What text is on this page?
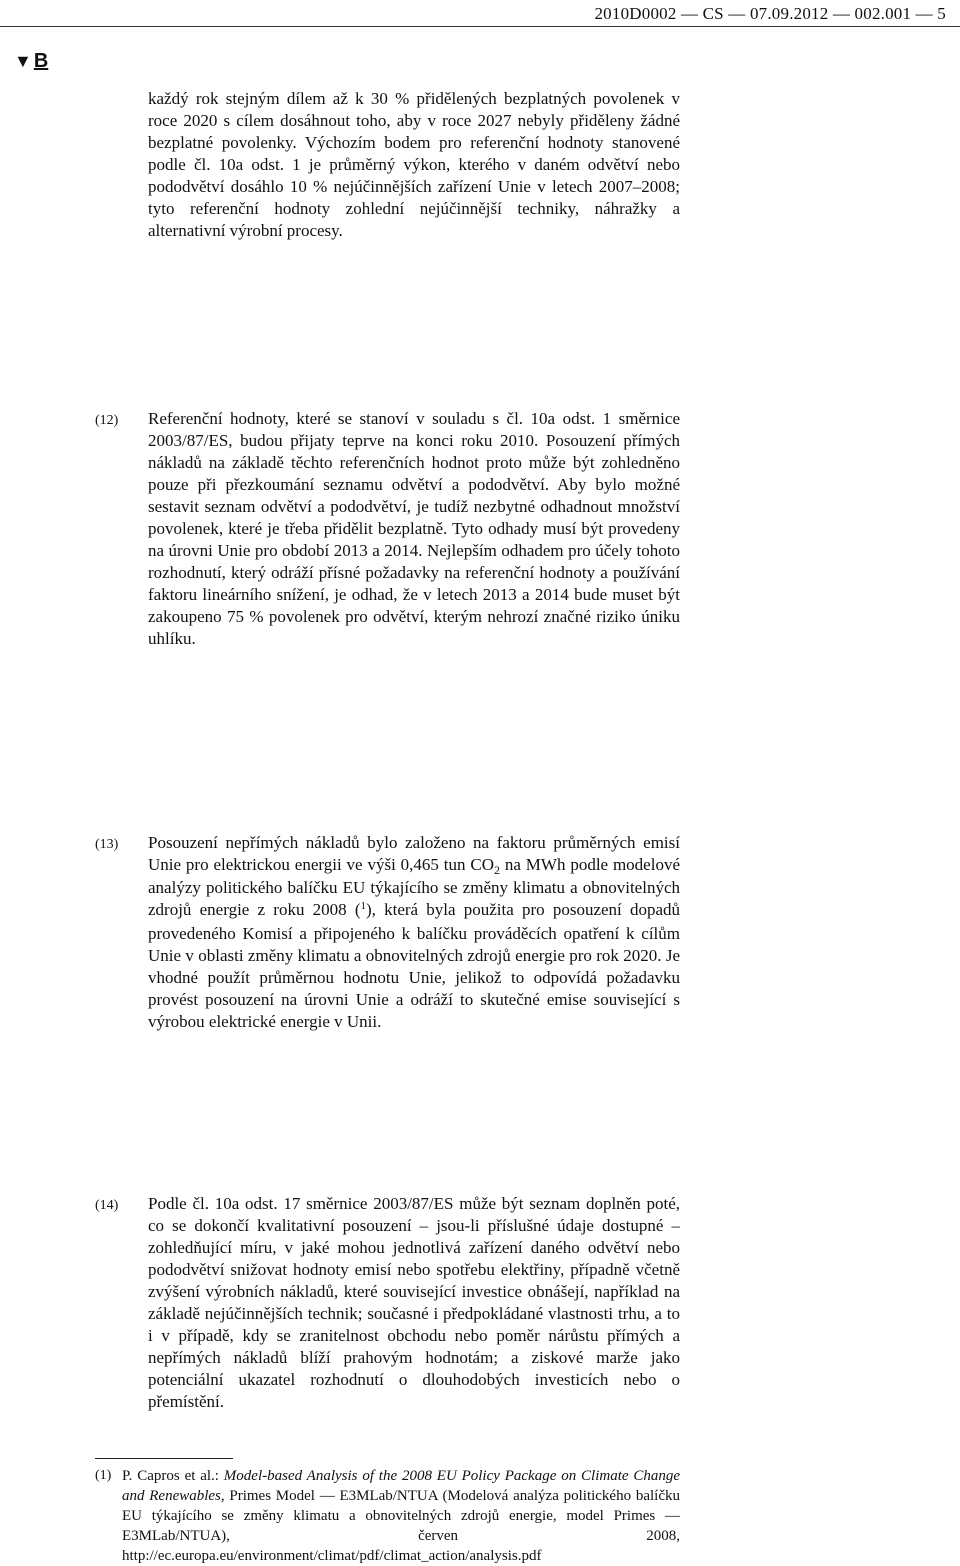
2010D0002 — CS — 07.09.2012 — 002.001 — 5
▼ B

každý rok stejným dílem až k 30 % přidělených bezplatných povolenek v roce 2020 s cílem dosáhnout toho, aby v roce 2027 nebyly přiděleny žádné bezplatné povolenky. Výchozím bodem pro referenční hodnoty stanovené podle čl. 10a odst. 1 je průměrný výkon, kterého v daném odvětví nebo pododvětví dosáhlo 10 % nejúčinnějších zařízení Unie v letech 2007–2008; tyto referenční hodnoty zohlední nejúčinnější techniky, náhražky a alternativní výrobní procesy.

(12) Referenční hodnoty, které se stanoví v souladu s čl. 10a odst. 1 směrnice 2003/87/ES, budou přijaty teprve na konci roku 2010. Posouzení přímých nákladů na základě těchto referenčních hodnot proto může být zohledněno pouze při přezkoumání seznamu odvětví a pododvětví. Aby bylo možné sestavit seznam odvětví a pododvětví, je tudíž nezbytné odhadnout množství povolenek, které je třeba přidělit bezplatně. Tyto odhady musí být provedeny na úrovni Unie pro období 2013 a 2014. Nejlepším odhadem pro účely tohoto rozhodnutí, který odráží přísné požadavky na referenční hodnoty a používání faktoru lineárního snížení, je odhad, že v letech 2013 a 2014 bude muset být zakoupeno 75 % povolenek pro odvětví, kterým nehrozí značné riziko úniku uhlíku.

(13) Posouzení nepřímých nákladů bylo založeno na faktoru průměrných emisí Unie pro elektrickou energii ve výši 0,465 tun $CO_2$ na MWh podle modelové analýzy politického balíčku EU týkajícího se změny klimatu a obnovitelných zdrojů energie z roku 2008 ($^1$), která byla použita pro posouzení dopadů provedeného Komisí a připojeného k balíčku prováděcích opatření k cílům Unie v oblasti změny klimatu a obnovitelných zdrojů energie pro rok 2020. Je vhodné použít průměrnou hodnotu Unie, jelikož to odpovídá požadavku provést posouzení na úrovni Unie a odráží to skutečné emise související s výrobou elektrické energie v Unii.

(14) Podle čl. 10a odst. 17 směrnice 2003/87/ES může být seznam doplněn poté, co se dokončí kvalitativní posouzení – jsou-li příslušné údaje dostupné – zohledňující míru, v jaké mohou jednotlivá zařízení daného odvětví nebo pododvětví snižovat hodnoty emisí nebo spotřebu elektřiny, případně včetně zvýšení výrobních nákladů, které související investice obnášejí, například na základě nejúčinnějších technik; současné i předpokládané vlastnosti trhu, a to i v případě, kdy se zranitelnost obchodu nebo poměr nárůstu přímých a nepřímých nákladů blíží prahovým hodnotám; a ziskové marže jako potenciální ukazatel rozhodnutí o dlouhodobých investicích nebo o přemístění.

(1) P. Capros et al.: Model-based Analysis of the 2008 EU Policy Package on Climate Change and Renewables, Primes Model — E3MLab/NTUA (Modelová analýza politického balíčku EU týkajícího se změny klimatu a obnovitelných zdrojů energie, model Primes — E3MLab/NTUA), červen 2008, http://ec.europa.eu/environment/climat/pdf/climat_action/analysis.pdf
